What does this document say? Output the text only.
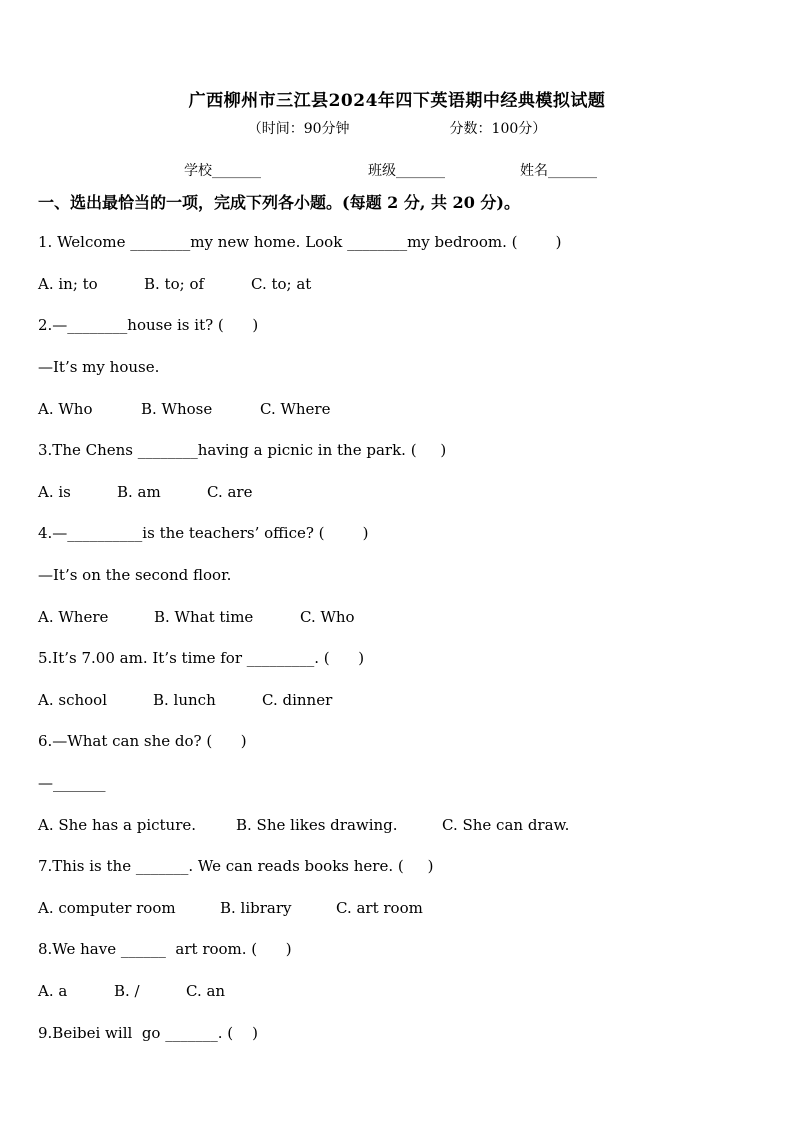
广西柳州市三江县2024年四下英语期中经典模拟试题
（时间：90分钟	分数：100分）
学校_______	班级_______	姓名_______
一、选出最恰当的一项，完成下列各小题。(每题 2 分, 共 20 分)。
1. Welcome ________my new home. Look ________my bedroom. (        )
A. in; to	B. to; of	C. to; at
2.—________house is it? (      )
—It’s my house.
A. Who	B. Whose	C. Where
3.The Chens ________having a picnic in the park. (     )
A. is	B. am	C. are
4.—__________is the teachers’ office? (        )
—It’s on the second floor.
A. Where	B. What time	C. Who
5.It’s 7.00 am. It’s time for _________. (      )
A. school	B. lunch	C. dinner
6.—What can she do? (      )
—_______
A. She has a picture.	B. She likes drawing.	C. She can draw.
7.This is the _______. We can reads books here. (     )
A. computer room	B. library	C. art room
8.We have ______  art room. (      )
A. a	B. /	C. an
9.Beibei will  go _______. (    )
